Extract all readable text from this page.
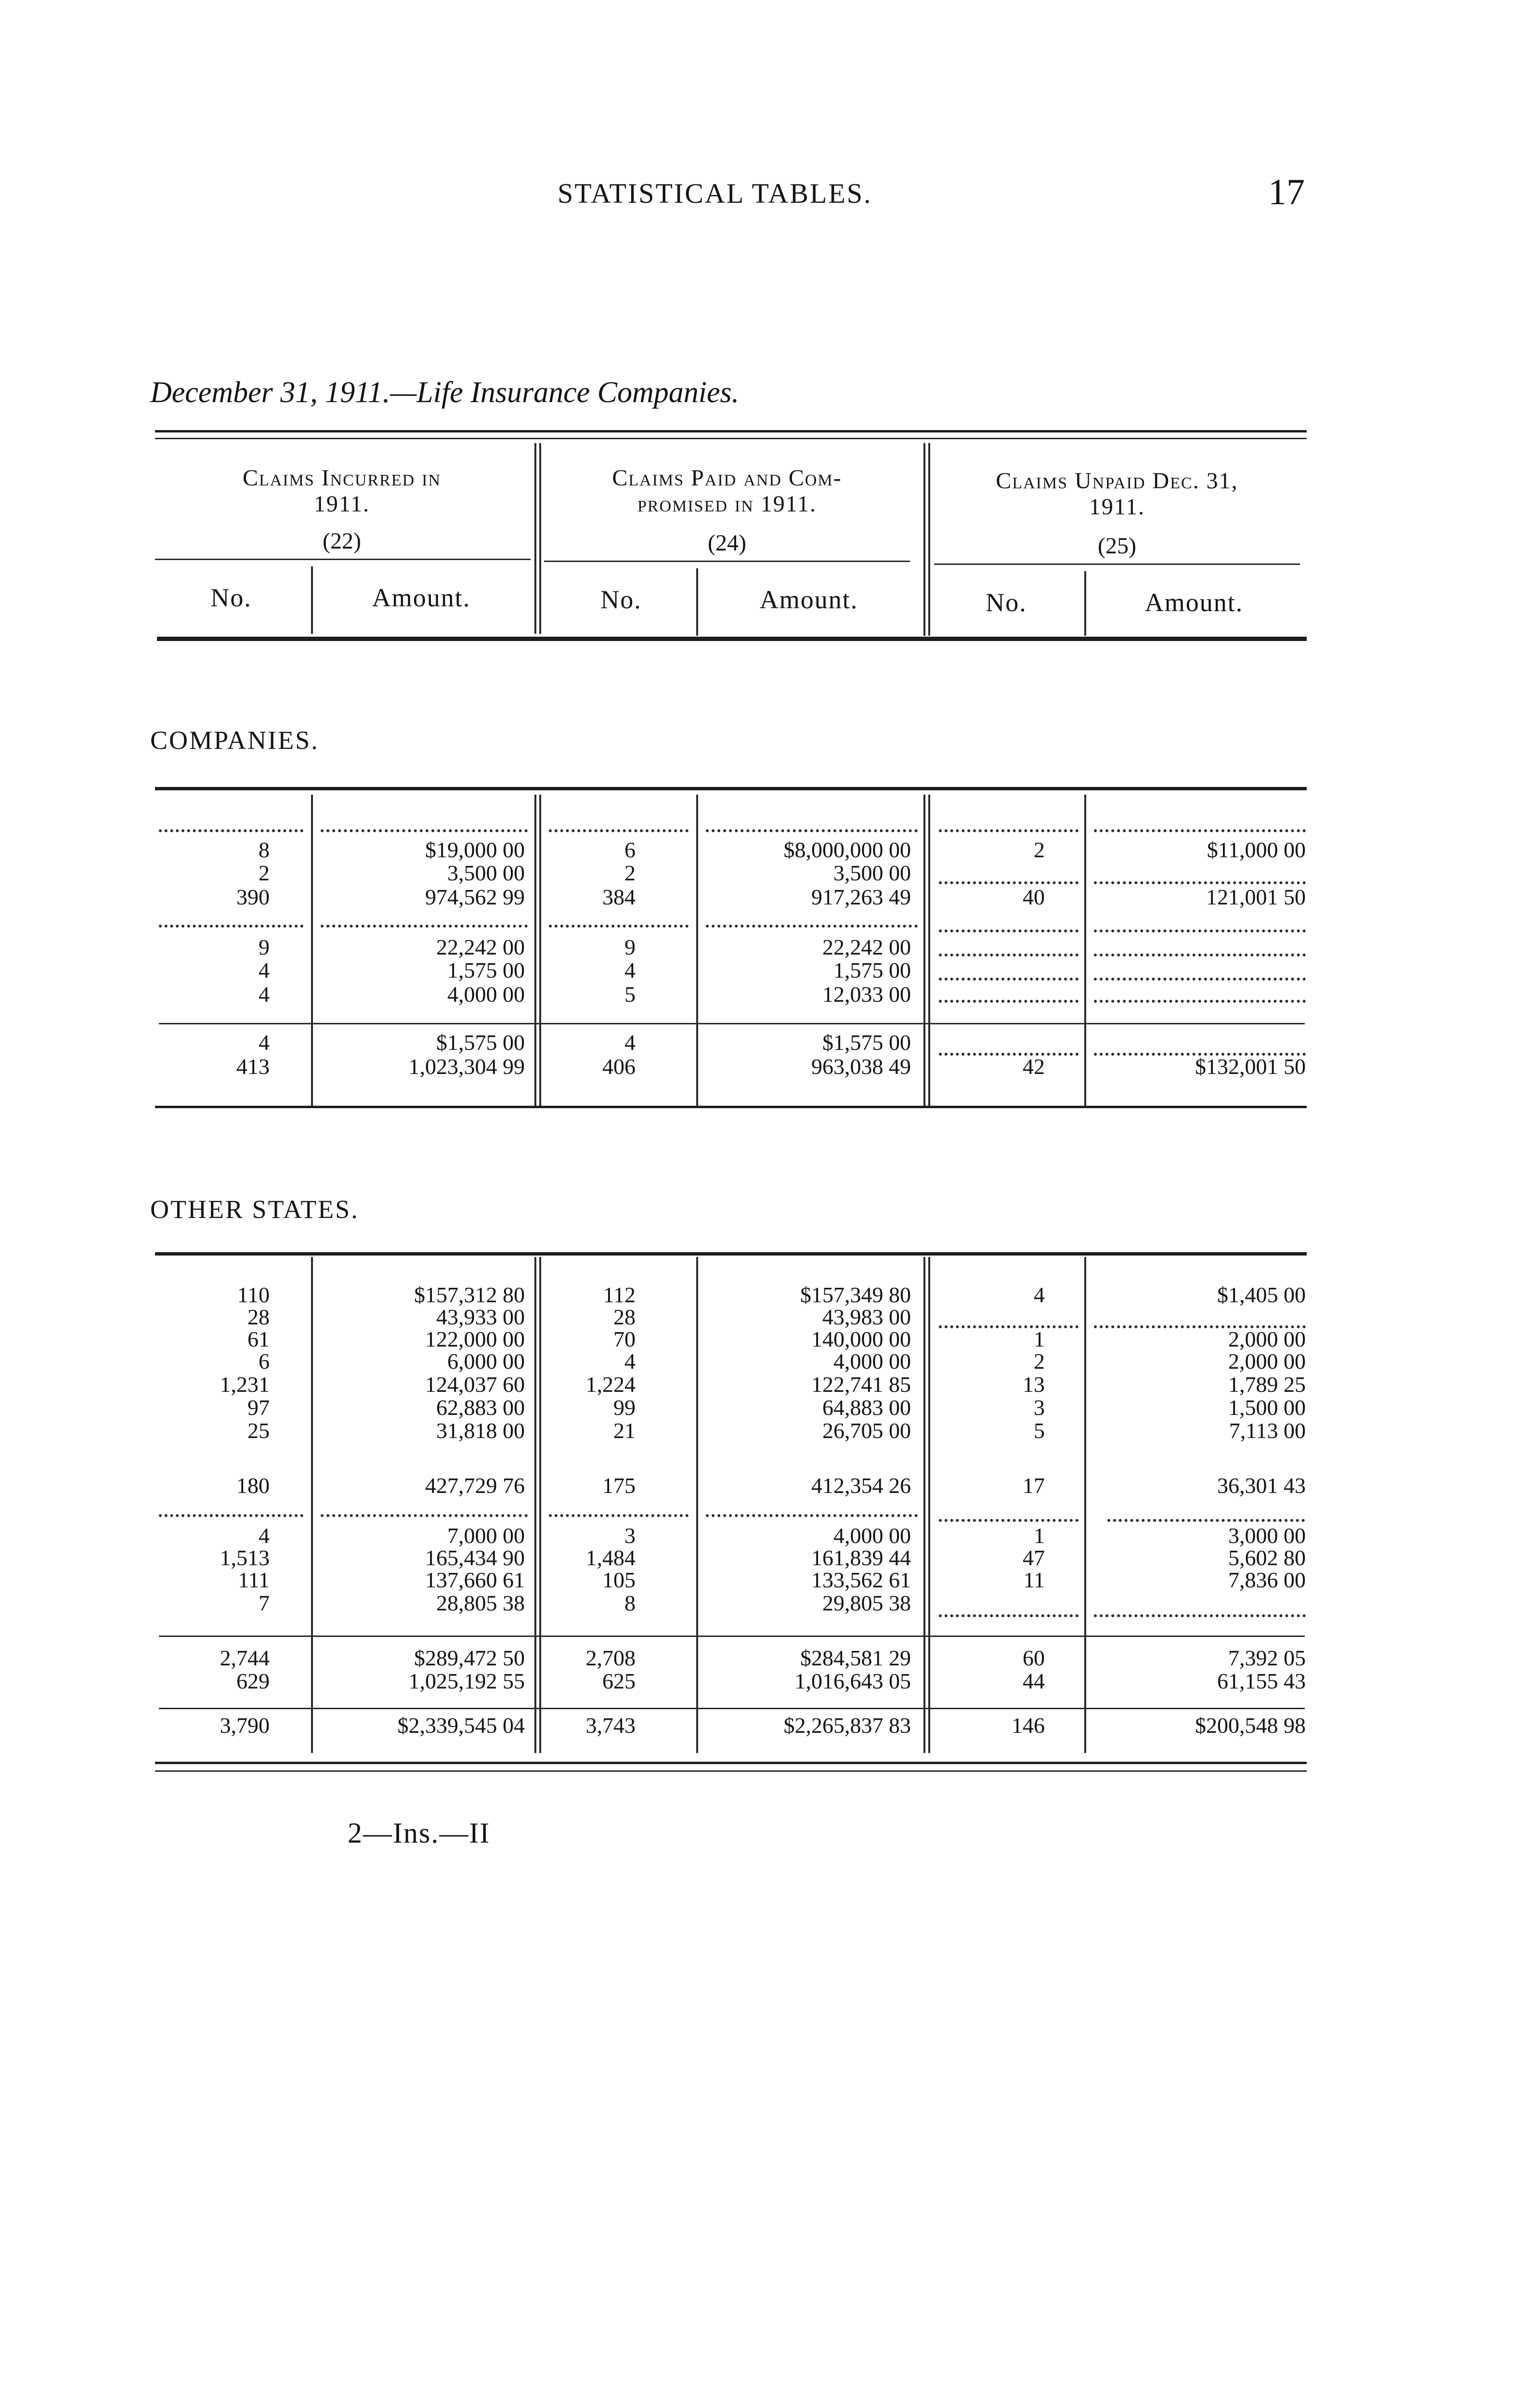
STATISTICAL TABLES.	17
December 31, 1911.—Life Insurance Companies.
Claims Incurred in
1911.
(22)
Claims Paid and Com-
promised in 1911.
(24)
Claims Unpaid Dec. 31,
1911.
(25)
No.	Amount.	No.	Amount.	No.	Amount.
COMPANIES.
OTHER STATES.
8	$19,000 00	6	$8,000,000 00	2	$11,000 00
2	3,500 00	2	3,500 00
390	974,562 99	384	917,263 49	40	121,001 50
9	22,242 00	9	22,242 00
4	1,575 00	4	1,575 00
4	4,000 00	5	12,033 00
4	$1,575 00	4	$1,575 00
413	1,023,304 99	406	963,038 49	42	$132,001 50
110	$157,312 80	112	$157,349 80	4	$1,405 00
28	43,933 00	28	43,983 00
61	122,000 00	70	140,000 00	1	2,000 00
6	6,000 00	4	4,000 00	2	2,000 00
1,231	124,037 60	1,224	122,741 85	13	1,789 25
97	62,883 00	99	64,883 00	3	1,500 00
25	31,818 00	21	26,705 00	5	7,113 00
180	427,729 76	175	412,354 26	17	36,301 43
4	7,000 00	3	4,000 00	1	3,000 00
1,513	165,434 90	1,484	161,839 44	47	5,602 80
111	137,660 61	105	133,562 61	11	7,836 00
7	28,805 38	8	29,805 38
2,744	$289,472 50	2,708	$284,581 29	60	7,392 05
629	1,025,192 55	625	1,016,643 05	44	61,155 43
3,790	$2,339,545 04	3,743	$2,265,837 83	146	$200,548 98
2—Ins.—II
